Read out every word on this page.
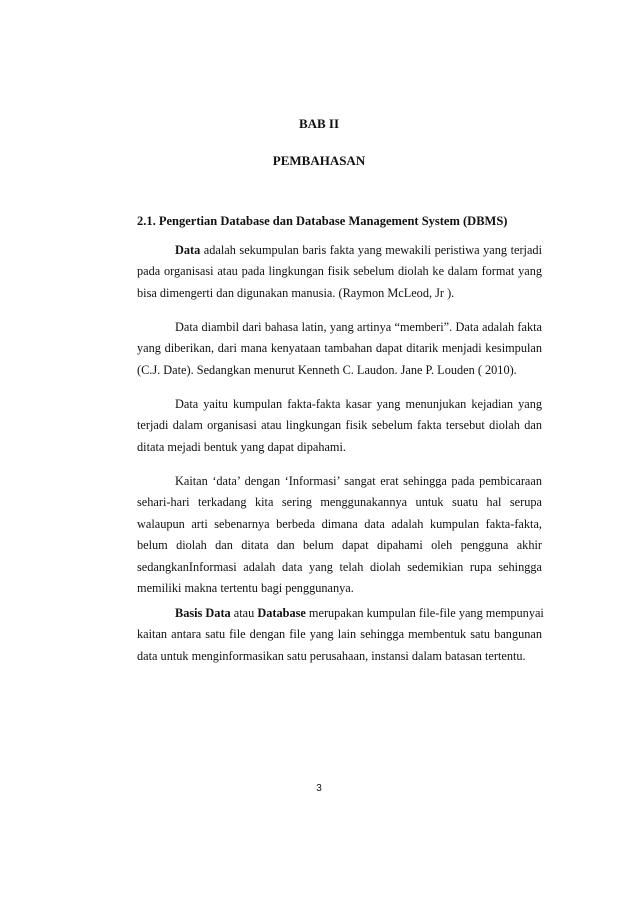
BAB II
PEMBAHASAN
2.1. Pengertian Database dan Database Management System (DBMS)

Data adalah sekumpulan baris fakta yang mewakili peristiwa yang terjadi
pada organisasi atau pada lingkungan fisik sebelum diolah ke dalam format yang
bisa dimengerti dan digunakan manusia. (Raymon McLeod, Jr ).

Data diambil dari bahasa latin, yang artinya “memberi”. Data adalah fakta
yang diberikan, dari mana kenyataan tambahan dapat ditarik menjadi kesimpulan
(C.J. Date). Sedangkan menurut Kenneth C. Laudon. Jane P. Louden ( 2010).

Data yaitu kumpulan fakta-fakta kasar yang menunjukan kejadian yang
terjadi dalam organisasi atau lingkungan fisik sebelum fakta tersebut diolah dan
ditata mejadi bentuk yang dapat dipahami.

Kaitan ‘data’ dengan ‘Informasi’ sangat erat sehingga pada pembicaraan
sehari-hari terkadang kita sering menggunakannya untuk suatu hal serupa
walaupun arti sebenarnya berbeda dimana data adalah kumpulan fakta-fakta,
belum diolah dan ditata dan belum dapat dipahami oleh pengguna akhir
sedangkanInformasi adalah data yang telah diolah sedemikian rupa sehingga
memiliki makna tertentu bagi penggunanya.

Basis Data atau Database merupakan kumpulan file-file yang mempunyai
kaitan antara satu file dengan file yang lain sehingga membentuk satu bangunan
data untuk menginformasikan satu perusahaan, instansi dalam batasan tertentu.

3
